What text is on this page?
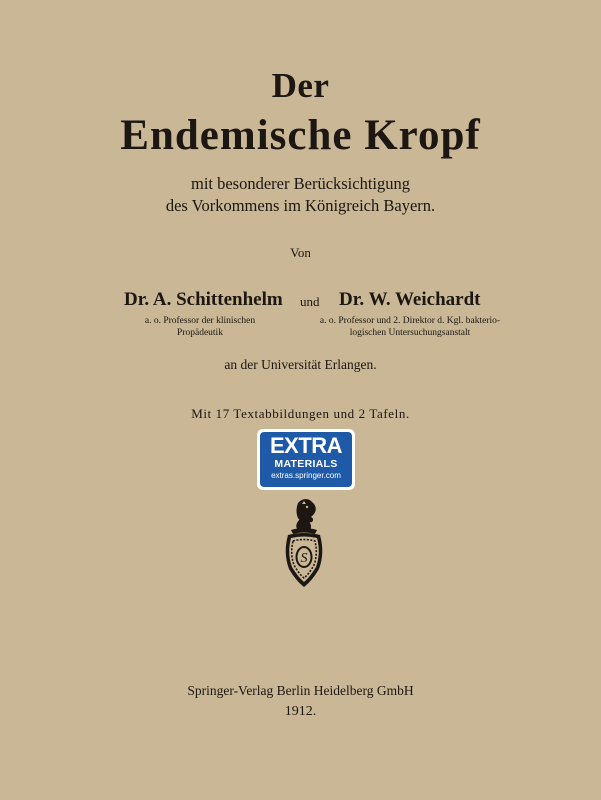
Der
Endemische Kropf
mit besonderer Berücksichtigung
des Vorkommens im Königreich Bayern.
Von
Dr. A. Schittenhelm und Dr. W. Weichardt
a. o. Professor der klinischen
Propädeutik
a. o. Professor und 2. Direktor d. Kgl. bakterio-
logischen Untersuchungsanstalt
an der Universität Erlangen.
Mit 17 Textabbildungen und 2 Tafeln.
EXTRA
MATERIALS
extras.springer.com
S
Springer-Verlag Berlin Heidelberg GmbH
1912.
